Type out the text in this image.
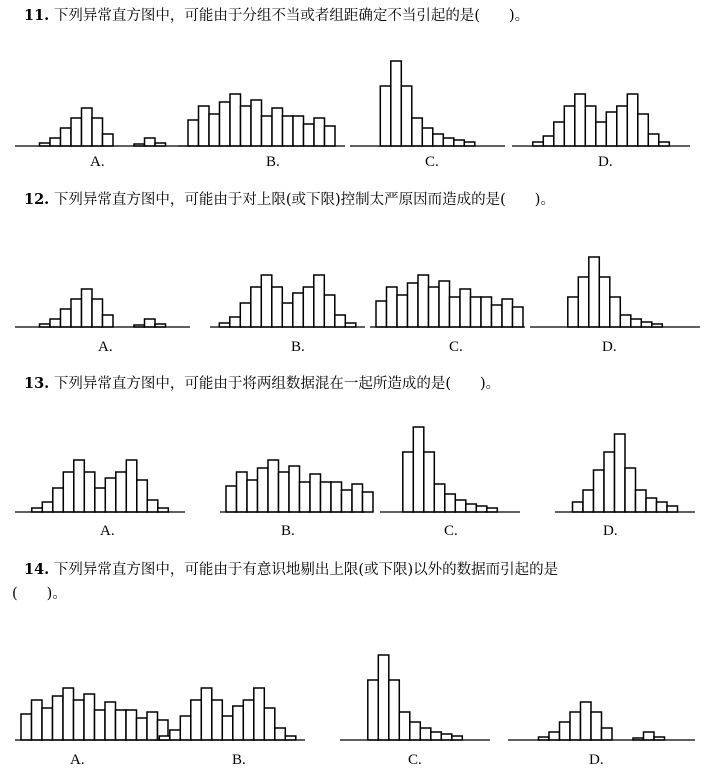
11. 下列异常直方图中，可能由于分组不当或者组距确定不当引起的是(　　)。
12. 下列异常直方图中，可能由于对上限(或下限)控制太严原因而造成的是(　　)。
13. 下列异常直方图中，可能由于将两组数据混在一起所造成的是(　　)。
14. 下列异常直方图中，可能由于有意识地剔出上限(或下限)以外的数据而引起的是
(　　)。
A.	B.	C.	D.
A.	B.	C.	D.
A.	B.	C.	D.
A.	B.	C.	D.
